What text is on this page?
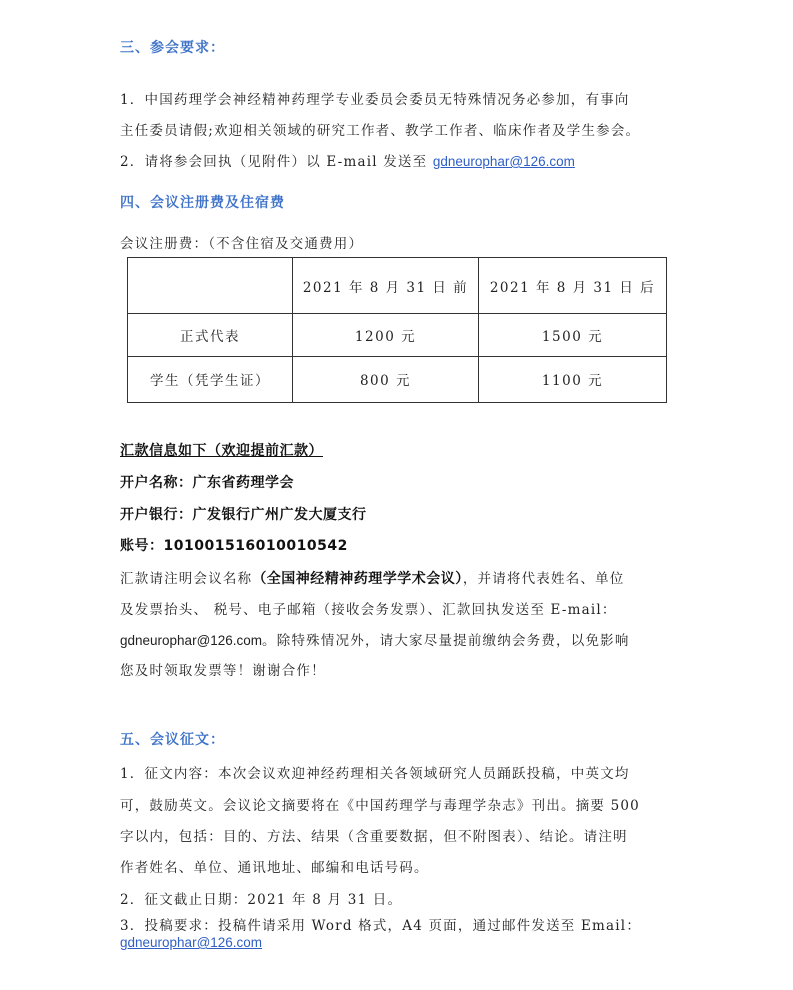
三、参会要求：
1．中国药理学会神经精神药理学专业委员会委员无特殊情况务必参加，有事向
主任委员请假;欢迎相关领域的研究工作者、教学工作者、临床作者及学生参会。
2．请将参会回执（见附件）以 E-mail 发送至 gdneurophar@126.com
四、会议注册费及住宿费
会议注册费：（不含住宿及交通费用）
	2021 年 8 月 31 日 前	2021 年 8 月 31 日 后
正式代表	1200 元	1500 元
学生（凭学生证）	800 元	1100 元
汇款信息如下（欢迎提前汇款）
开户名称：广东省药理学会
开户银行：广发银行广州广发大厦支行
账号：101001516010010542
汇款请注明会议名称（全国神经精神药理学学术会议），并请将代表姓名、单位
及发票抬头、 税号、电子邮箱（接收会务发票）、汇款回执发送至 E-mail：
gdneurophar@126.com。除特殊情况外，请大家尽量提前缴纳会务费，以免影响
您及时领取发票等！谢谢合作！
五、会议征文：
1．征文内容：本次会议欢迎神经药理相关各领域研究人员踊跃投稿，中英文均
可，鼓励英文。会议论文摘要将在《中国药理学与毒理学杂志》刊出。摘要 500
字以内，包括：目的、方法、结果（含重要数据，但不附图表）、结论。请注明
作者姓名、单位、通讯地址、邮编和电话号码。
2．征文截止日期：2021 年 8 月 31 日。
3．投稿要求：投稿件请采用 Word 格式，A4 页面，通过邮件发送至 Email：
gdneurophar@126.com
